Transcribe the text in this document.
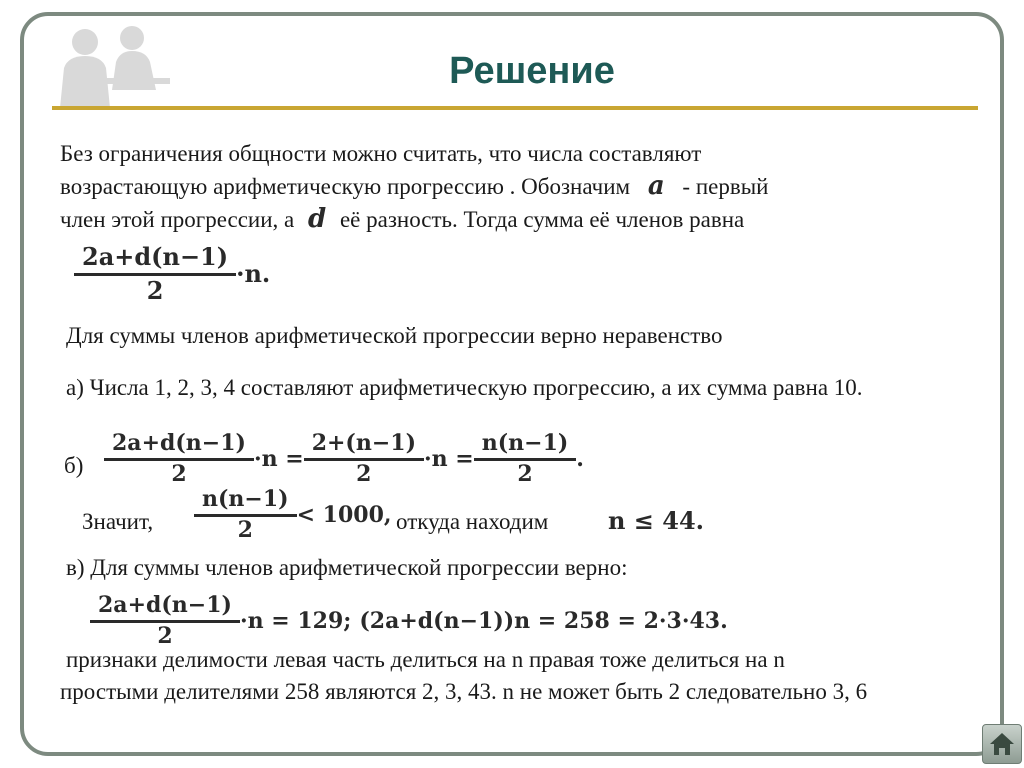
Решение
Без ограничения общности можно считать, что числа составляют
возрастающую арифметическую прогрессию . Обозначим a - первый
член этой прогрессии, а d её разность. Тогда сумма её членов равна
$\frac{2a+d(n-1)}{2} \cdot n$.
Для суммы членов арифметической прогрессии верно неравенство
а) Числа 1, 2, 3, 4 составляют арифметическую прогрессию, а их сумма равна 10.
$б) \frac{2a+d(n-1)}{2} \cdot n = \frac{2+(n-1)}{2} \cdot n = \frac{n(n-1)}{2}$ .
Значит, $\frac{n(n-1)}{2} < 1000$, откуда находим n ≤ 44.
в) Для суммы членов арифметической прогрессии верно:
$\frac{2a+d(n-1)}{2} \cdot n = 129$; (2a+d(n−1))n = 258 = 2·3·43.
признаки делимости левая часть делиться на n правая тоже делиться на n
простыми делителями 258 являются 2, 3, 43. n не может быть 2 следовательно 3, 6
